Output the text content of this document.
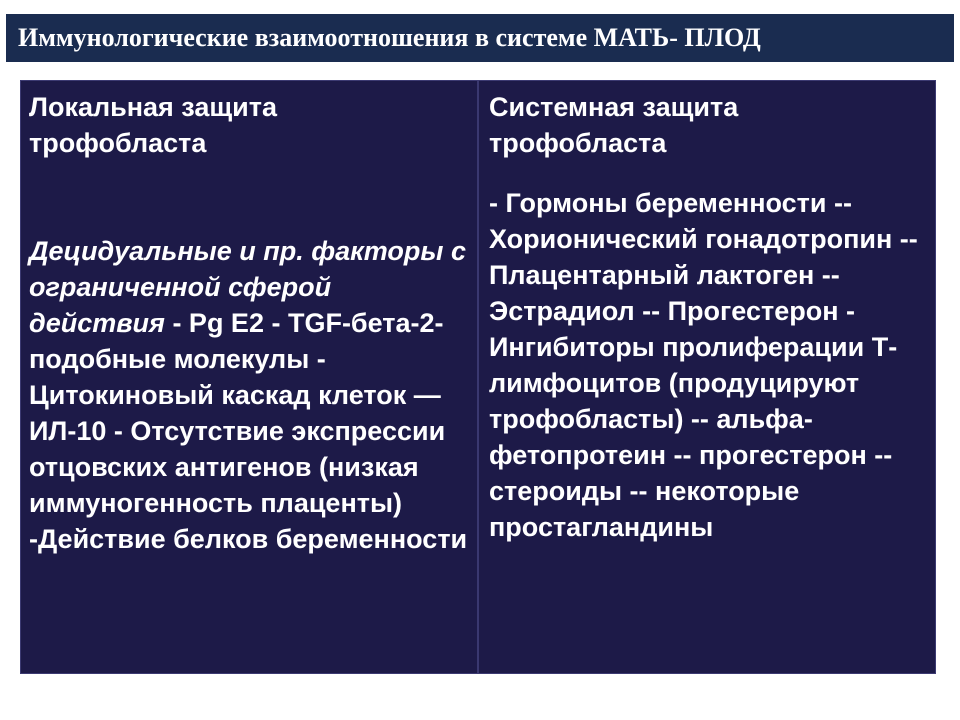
Иммунологические взаимоотношения в системе МАТЬ- ПЛОД
Локальная защита
трофобласта
Децидуальные и пр. факторы с ограниченной сферой действия - Pg E2 - TGF-бета-2-подобные молекулы - Цитокиновый каскад клеток — ИЛ-10 - Отсутствие экспрессии отцовских антигенов (низкая иммуногенность плаценты) -Действие белков беременности
Системная защита
трофобласта
- Гормоны беременности -- Хорионический гонадотропин -- Плацентарный лактоген -- Эстрадиол -- Прогестерон - Ингибиторы пролиферации Т-лимфоцитов (продуцируют трофобласты) -- альфа-фетопротеин -- прогестерон --стероиды -- некоторые простагландины
